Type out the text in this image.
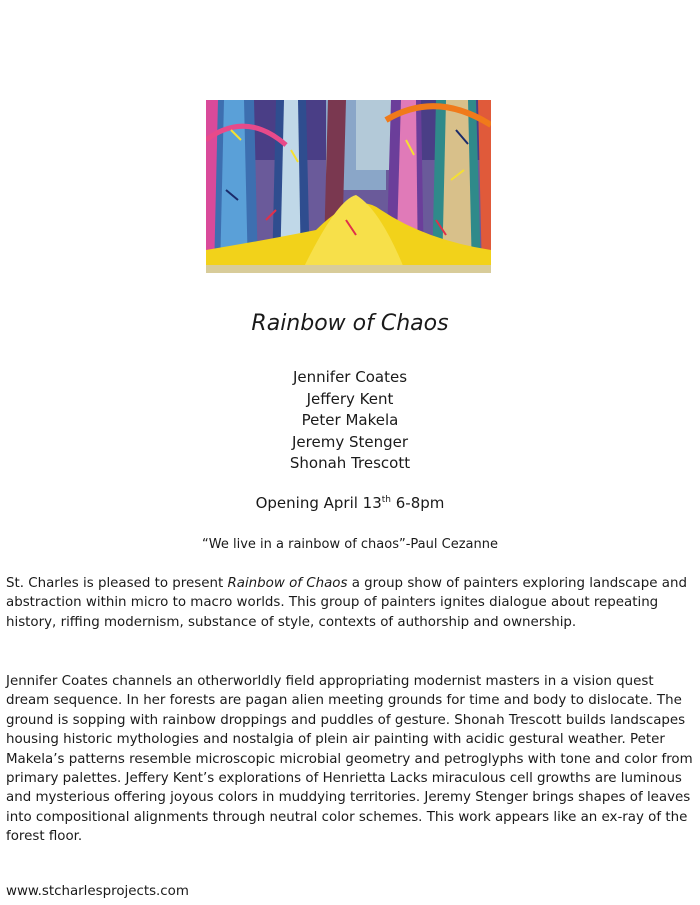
Rainbow of Chaos
Jennifer Coates
Jeffery Kent
Peter Makela
Jeremy Stenger
Shonah Trescott
Opening April 13th 6-8pm
“We live in a rainbow of chaos”-Paul Cezanne
St. Charles is pleased to present Rainbow of Chaos a group show of painters exploring landscape and abstraction within micro to macro worlds. This group of painters ignites dialogue about repeating history, riffing modernism, substance of style, contexts of authorship and ownership.
Jennifer Coates channels an otherworldly field appropriating modernist masters in a vision quest dream sequence. In her forests are pagan alien meeting grounds for time and body to dislocate. The ground is sopping with rainbow droppings and puddles of gesture. Shonah Trescott builds landscapes housing historic mythologies and nostalgia of plein air painting with acidic gestural weather. Peter Makela’s patterns resemble microscopic microbial geometry and petroglyphs with tone and color from primary palettes. Jeffery Kent’s explorations of Henrietta Lacks miraculous cell growths are luminous and mysterious offering joyous colors in muddying territories. Jeremy Stenger brings shapes of leaves into compositional alignments through neutral color schemes. This work appears like an ex-ray of the forest floor.
www.stcharlesprojects.com
